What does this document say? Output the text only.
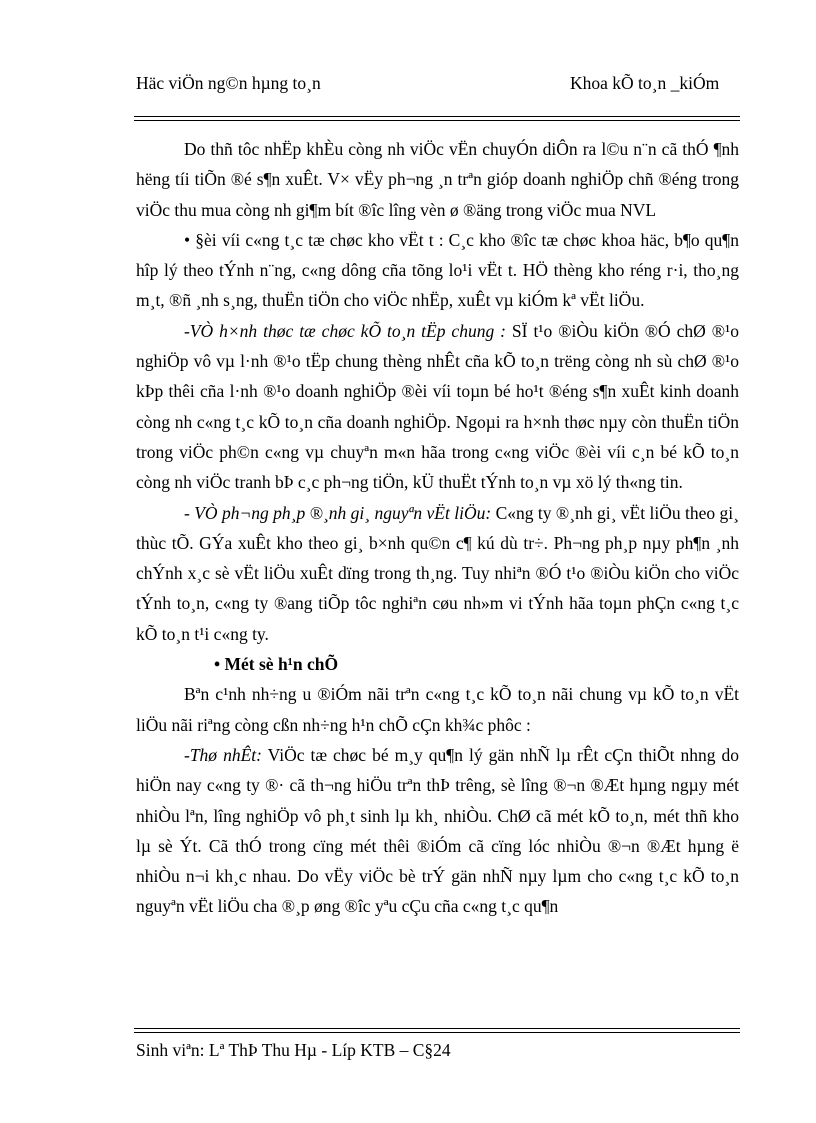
Häc viÖn ng©n hµng to¸n	Khoa kÕ to¸n _kiÓm

Do thñ tôc nhËp khÈu còng nh viÖc vËn chuyÓn diÔn ra l©u n¨n cã thÓ ¶nh hëng tíi tiÕn ®é s¶n xuÊt. V× vËy ph¬ng ¸n trªn gióp doanh nghiÖp chñ ®éng trong viÖc thu mua còng nh gi¶m bít ®îc lîng vèn ø ®äng trong viÖc mua NVL

• §èi víi c«ng t¸c tæ chøc kho vËt t : C¸c kho ®îc tæ chøc khoa häc, b¶o qu¶n hîp lý theo tÝnh n¨ng, c«ng dông cña tõng lo¹i vËt t. HÖ thèng kho réng r·i, tho¸ng m¸t, ®ñ ¸nh s¸ng, thuËn tiÖn cho viÖc nhËp, xuÊt vµ kiÓm kª vËt liÖu.

-VÒ h×nh thøc tæ chøc kÕ to¸n tËp chung : SÏ t¹o ®iÒu kiÖn ®Ó chØ ®¹o nghiÖp vô vµ l·nh ®¹o tËp chung thèng nhÊt cña kÕ to¸n trëng còng nh sù chØ ®¹o kÞp thêi cña l·nh ®¹o doanh nghiÖp ®èi víi toµn bé ho¹t ®éng s¶n xuÊt kinh doanh còng nh c«ng t¸c kÕ to¸n cña doanh nghiÖp. Ngoµi ra h×nh thøc nµy còn thuËn tiÖn trong viÖc ph©n c«ng vµ chuyªn m«n hãa trong c«ng viÖc ®èi víi c¸n bé kÕ to¸n còng nh viÖc tranh bÞ c¸c ph¬ng tiÖn, kÜ thuËt tÝnh to¸n vµ xö lý th«ng tin.

- VÒ ph¬ng ph¸p ®¸nh gi¸ nguyªn vËt liÖu: C«ng ty ®¸nh gi¸ vËt liÖu theo gi¸ thùc tÕ. GÝa xuÊt kho theo gi¸ b×nh qu©n c¶ kú dù tr÷. Ph¬ng ph¸p nµy ph¶n ¸nh chÝnh x¸c sè vËt liÖu xuÊt dïng trong th¸ng. Tuy nhiªn ®Ó t¹o ®iÒu kiÖn cho viÖc tÝnh to¸n, c«ng ty ®ang tiÕp tôc nghiªn cøu nh»m vi tÝnh hãa toµn phÇn c«ng t¸c kÕ to¸n t¹i c«ng ty.

• Mét sè h¹n chÕ

Bªn c¹nh nh÷ng u ®iÓm nãi trªn c«ng t¸c kÕ to¸n nãi chung vµ kÕ to¸n vËt liÖu nãi riªng còng cßn nh÷ng h¹n chÕ cÇn kh¾c phôc :

-Thø nhÊt: ViÖc tæ chøc bé m¸y qu¶n lý gän nhÑ lµ rÊt cÇn thiÕt nhng do hiÖn nay c«ng ty ®· cã th¬ng hiÖu trªn thÞ trêng, sè lîng ®¬n ®Æt hµng ngµy mét nhiÒu lªn, lîng nghiÖp vô ph¸t sinh lµ kh¸ nhiÒu. ChØ cã mét kÕ to¸n, mét thñ kho lµ sè Ýt. Cã thÓ trong cïng mét thêi ®iÓm cã cïng lóc nhiÒu ®¬n ®Æt hµng ë nhiÒu n¬i kh¸c nhau. Do vËy viÖc bè trÝ gän nhÑ nµy lµm cho c«ng t¸c kÕ to¸n nguyªn vËt liÖu cha ®¸p øng ®îc yªu cÇu cña c«ng t¸c qu¶n

Sinh viªn: Lª ThÞ Thu Hµ - Líp KTB – C§24
